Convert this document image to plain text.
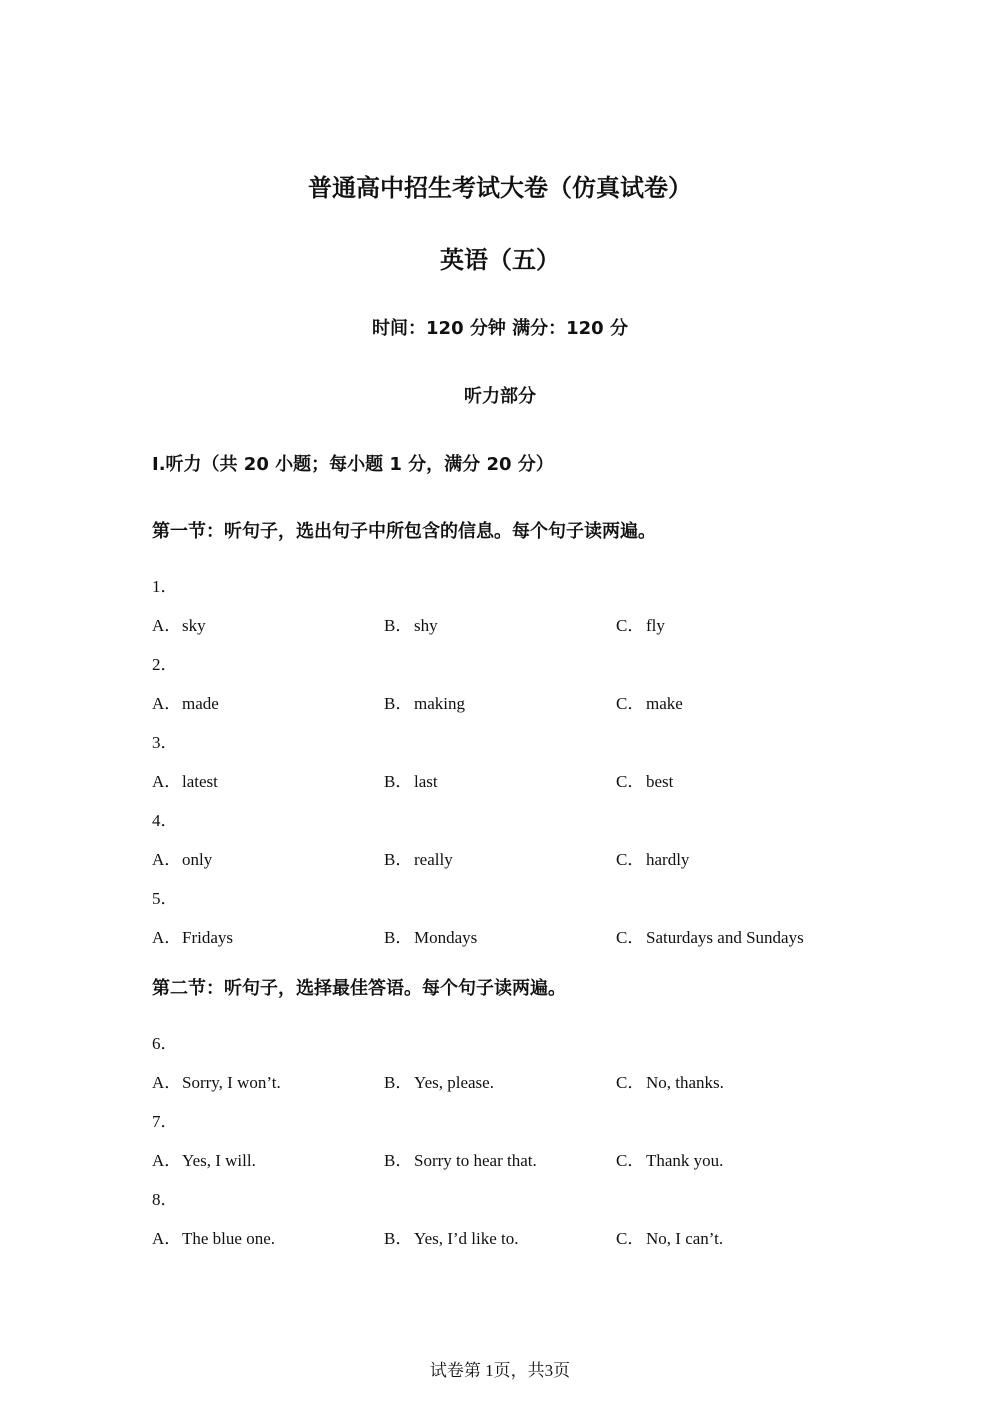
普通高中招生考试大卷（仿真试卷）
英语（五）
时间：120 分钟 满分：120 分
听力部分
Ⅰ.听力（共 20 小题；每小题 1 分，满分 20 分）
第一节：听句子，选出句子中所包含的信息。每个句子读两遍。
1．
A．sky	B．shy	C．fly
2．
A．made	B．making	C．make
3．
A．latest	B．last	C．best
4．
A．only	B．really	C．hardly
5．
A．Fridays	B．Mondays	C．Saturdays and Sundays
第二节：听句子，选择最佳答语。每个句子读两遍。
6．
A．Sorry, I won’t.	B．Yes, please.	C．No, thanks.
7．
A．Yes, I will.	B．Sorry to hear that.	C．Thank you.
8．
A．The blue one.	B．Yes, I’d like to.	C．No, I can’t.
试卷第 1页，共3页
